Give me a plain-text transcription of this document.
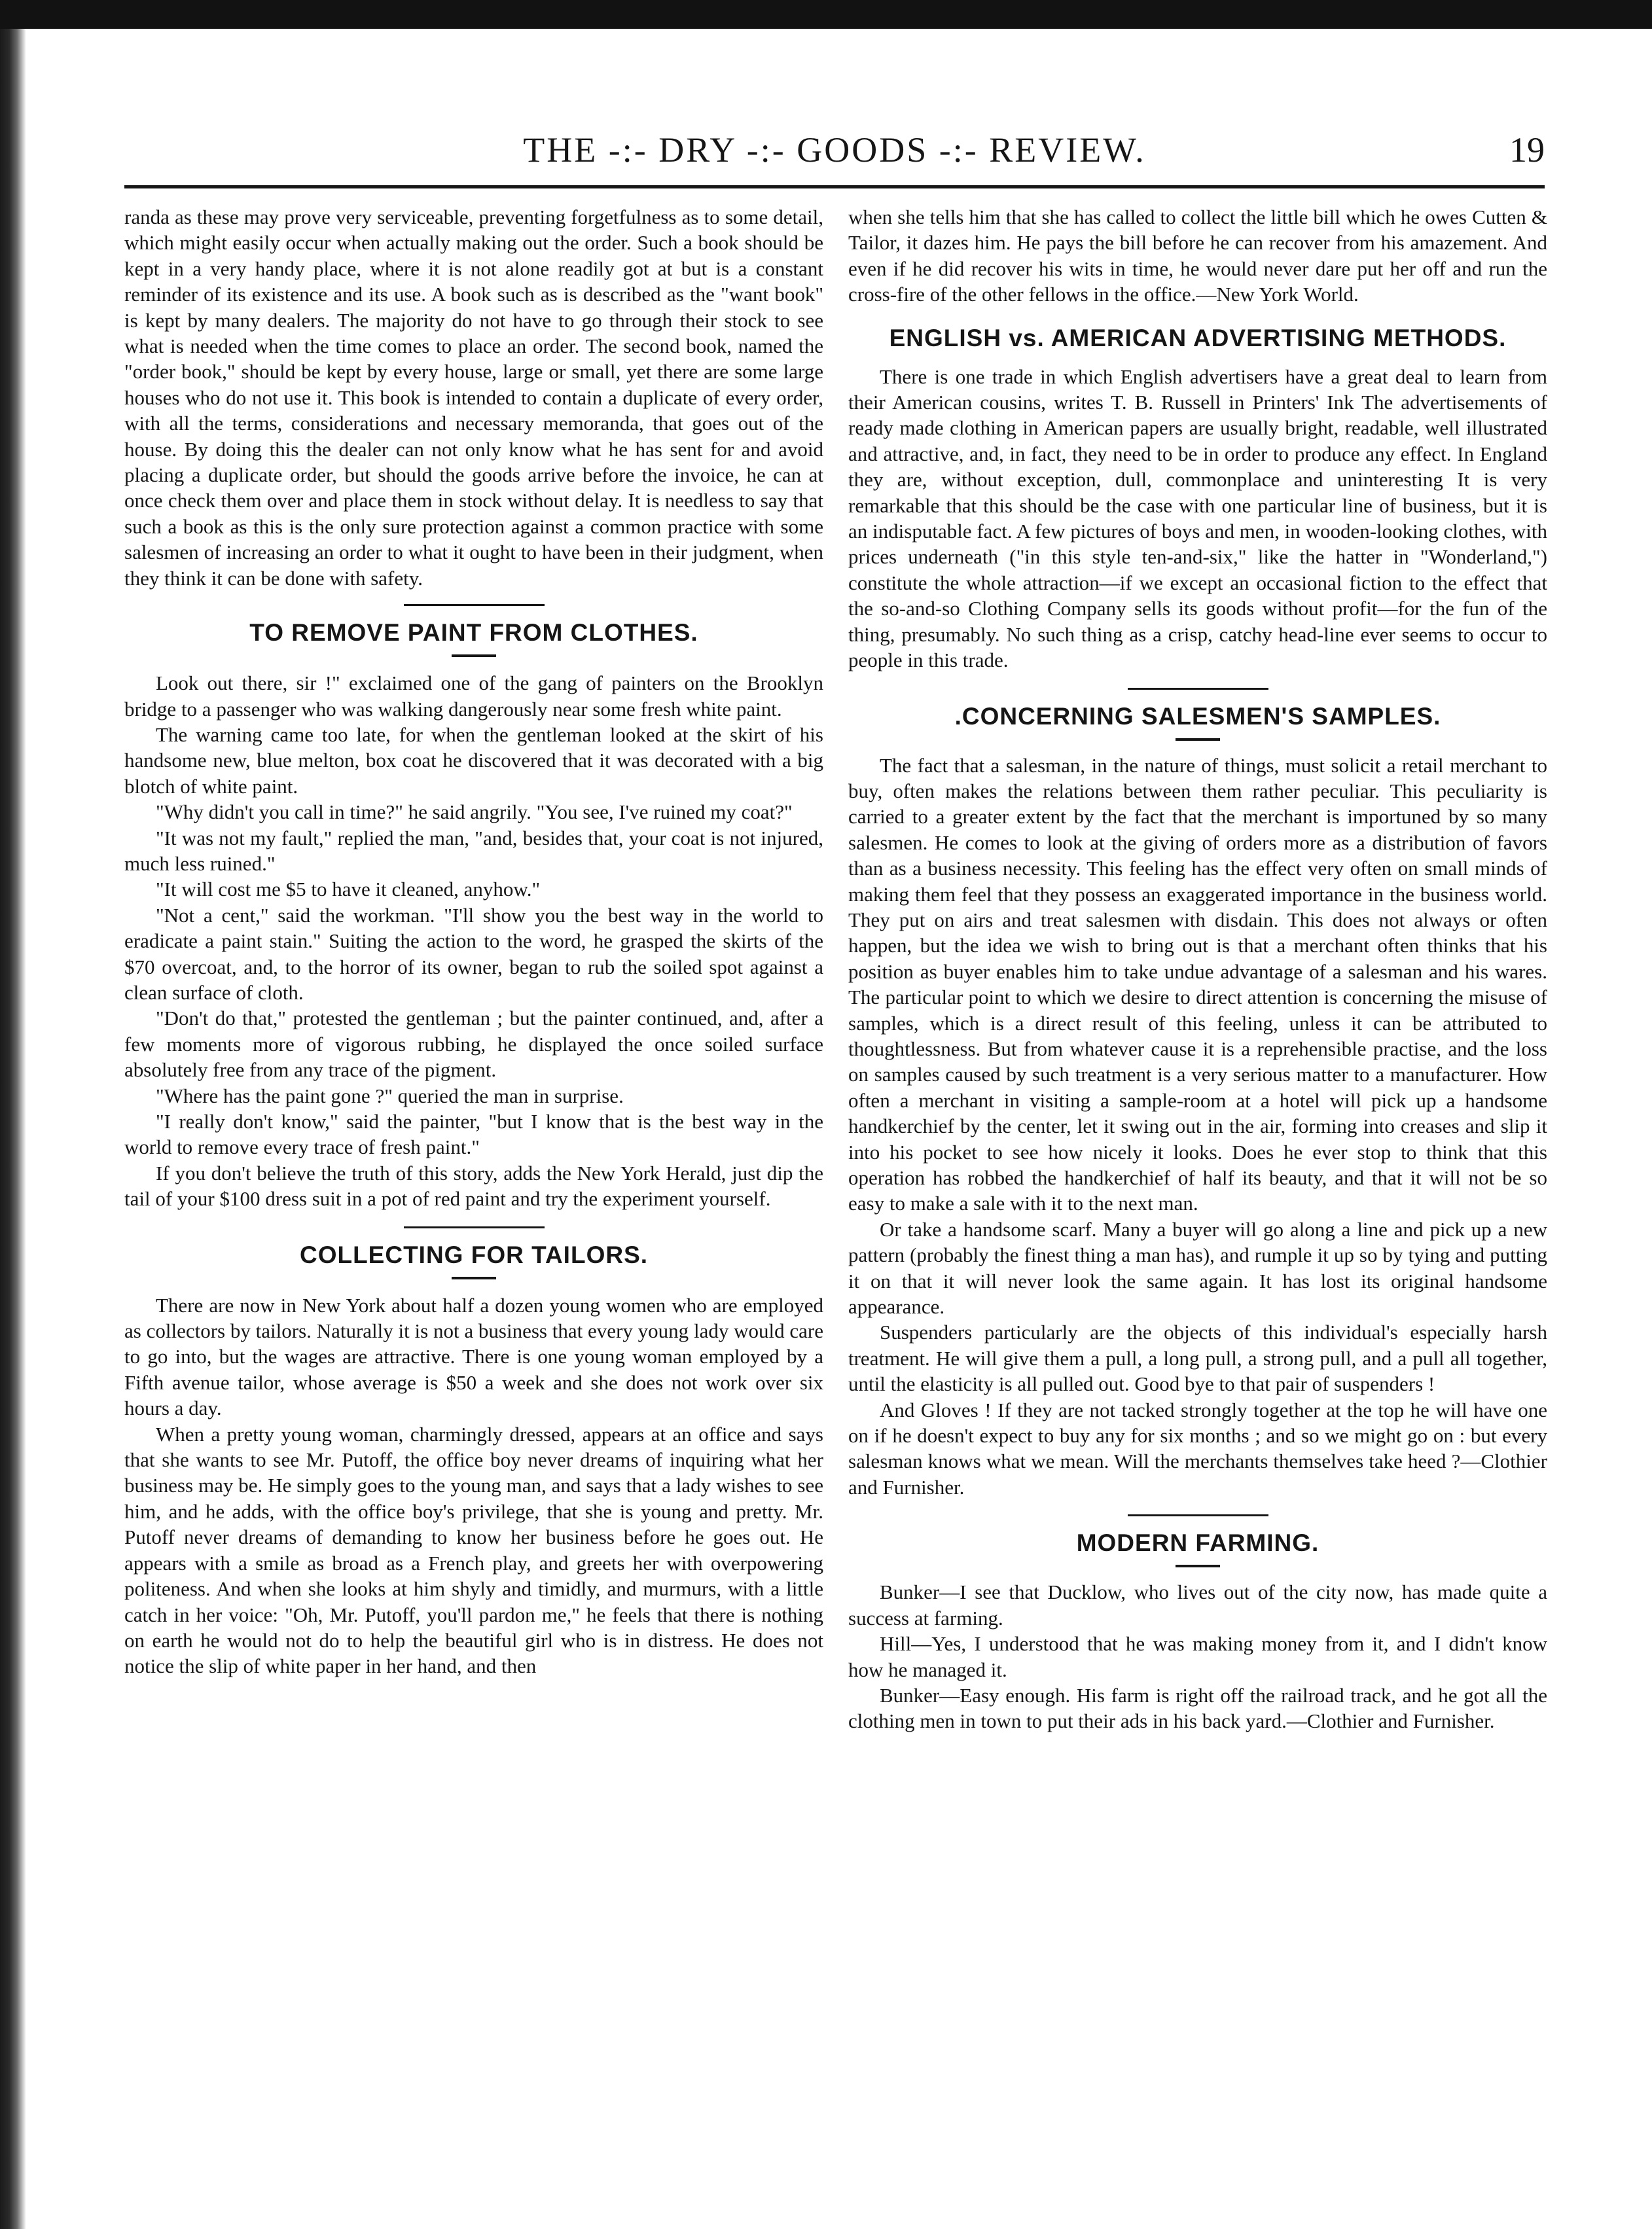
THE -:- DRY -:- GOODS -:- REVIEW.	19

randa as these may prove very serviceable, preventing forgetfulness as to some detail, which might easily occur when actually making out the order. Such a book should be kept in a very handy place, where it is not alone readily got at but is a constant reminder of its existence and its use. A book such as is described as the "want book" is kept by many dealers. The majority do not have to go through their stock to see what is needed when the time comes to place an order. The second book, named the "order book," should be kept by every house, large or small, yet there are some large houses who do not use it. This book is intended to contain a duplicate of every order, with all the terms, considerations and necessary memoranda, that goes out of the house. By doing this the dealer can not only know what he has sent for and avoid placing a duplicate order, but should the goods arrive before the invoice, he can at once check them over and place them in stock without delay. It is needless to say that such a book as this is the only sure protection against a common practice with some salesmen of increasing an order to what it ought to have been in their judgment, when they think it can be done with safety.

TO REMOVE PAINT FROM CLOTHES.

Look out there, sir !" exclaimed one of the gang of painters on the Brooklyn bridge to a passenger who was walking dangerously near some fresh white paint.

The warning came too late, for when the gentleman looked at the skirt of his handsome new, blue melton, box coat he discovered that it was decorated with a big blotch of white paint.

"Why didn't you call in time?" he said angrily. "You see, I've ruined my coat?"

"It was not my fault," replied the man, "and, besides that, your coat is not injured, much less ruined."

"It will cost me $5 to have it cleaned, anyhow."

"Not a cent," said the workman. "I'll show you the best way in the world to eradicate a paint stain." Suiting the action to the word, he grasped the skirts of the $70 overcoat, and, to the horror of its owner, began to rub the soiled spot against a clean surface of cloth.

"Don't do that," protested the gentleman ; but the painter continued, and, after a few moments more of vigorous rubbing, he displayed the once soiled surface absolutely free from any trace of the pigment.

"Where has the paint gone ?" queried the man in surprise.

"I really don't know," said the painter, "but I know that is the best way in the world to remove every trace of fresh paint."

If you don't believe the truth of this story, adds the New York Herald, just dip the tail of your $100 dress suit in a pot of red paint and try the experiment yourself.

COLLECTING FOR TAILORS.

There are now in New York about half a dozen young women who are employed as collectors by tailors. Naturally it is not a business that every young lady would care to go into, but the wages are attractive. There is one young woman employed by a Fifth avenue tailor, whose average is $50 a week and she does not work over six hours a day.

When a pretty young woman, charmingly dressed, appears at an office and says that she wants to see Mr. Putoff, the office boy never dreams of inquiring what her business may be. He simply goes to the young man, and says that a lady wishes to see him, and he adds, with the office boy's privilege, that she is young and pretty. Mr. Putoff never dreams of demanding to know her business before he goes out. He appears with a smile as broad as a French play, and greets her with overpowering politeness. And when she looks at him shyly and timidly, and murmurs, with a little catch in her voice: "Oh, Mr. Putoff, you'll pardon me," he feels that there is nothing on earth he would not do to help the beautiful girl who is in distress. He does not notice the slip of white paper in her hand, and then

when she tells him that she has called to collect the little bill which he owes Cutten & Tailor, it dazes him. He pays the bill before he can recover from his amazement. And even if he did recover his wits in time, he would never dare put her off and run the cross-fire of the other fellows in the office.—New York World.

ENGLISH vs. AMERICAN ADVERTISING METHODS.

There is one trade in which English advertisers have a great deal to learn from their American cousins, writes T. B. Russell in Printers' Ink The advertisements of ready made clothing in American papers are usually bright, readable, well illustrated and attractive, and, in fact, they need to be in order to produce any effect. In England they are, without exception, dull, commonplace and uninteresting It is very remarkable that this should be the case with one particular line of business, but it is an indisputable fact. A few pictures of boys and men, in wooden-looking clothes, with prices underneath ("in this style ten-and-six," like the hatter in "Wonderland,") constitute the whole attraction—if we except an occasional fiction to the effect that the so-and-so Clothing Company sells its goods without profit—for the fun of the thing, presumably. No such thing as a crisp, catchy head-line ever seems to occur to people in this trade.

.CONCERNING SALESMEN'S SAMPLES.

The fact that a salesman, in the nature of things, must solicit a retail merchant to buy, often makes the relations between them rather peculiar. This peculiarity is carried to a greater extent by the fact that the merchant is importuned by so many salesmen. He comes to look at the giving of orders more as a distribution of favors than as a business necessity. This feeling has the effect very often on small minds of making them feel that they possess an exaggerated importance in the business world. They put on airs and treat salesmen with disdain. This does not always or often happen, but the idea we wish to bring out is that a merchant often thinks that his position as buyer enables him to take undue advantage of a salesman and his wares. The particular point to which we desire to direct attention is concerning the misuse of samples, which is a direct result of this feeling, unless it can be attributed to thoughtlessness. But from whatever cause it is a reprehensible practise, and the loss on samples caused by such treatment is a very serious matter to a manufacturer. How often a merchant in visiting a sample-room at a hotel will pick up a handsome handkerchief by the center, let it swing out in the air, forming into creases and slip it into his pocket to see how nicely it looks. Does he ever stop to think that this operation has robbed the handkerchief of half its beauty, and that it will not be so easy to make a sale with it to the next man.

Or take a handsome scarf. Many a buyer will go along a line and pick up a new pattern (probably the finest thing a man has), and rumple it up so by tying and putting it on that it will never look the same again. It has lost its original handsome appearance.

Suspenders particularly are the objects of this individual's especially harsh treatment. He will give them a pull, a long pull, a strong pull, and a pull all together, until the elasticity is all pulled out. Good bye to that pair of suspenders !

And Gloves ! If they are not tacked strongly together at the top he will have one on if he doesn't expect to buy any for six months ; and so we might go on : but every salesman knows what we mean. Will the merchants themselves take heed ?—Clothier and Furnisher.

MODERN FARMING.

Bunker—I see that Ducklow, who lives out of the city now, has made quite a success at farming.

Hill—Yes, I understood that he was making money from it, and I didn't know how he managed it.

Bunker—Easy enough. His farm is right off the railroad track, and he got all the clothing men in town to put their ads in his back yard.—Clothier and Furnisher.
